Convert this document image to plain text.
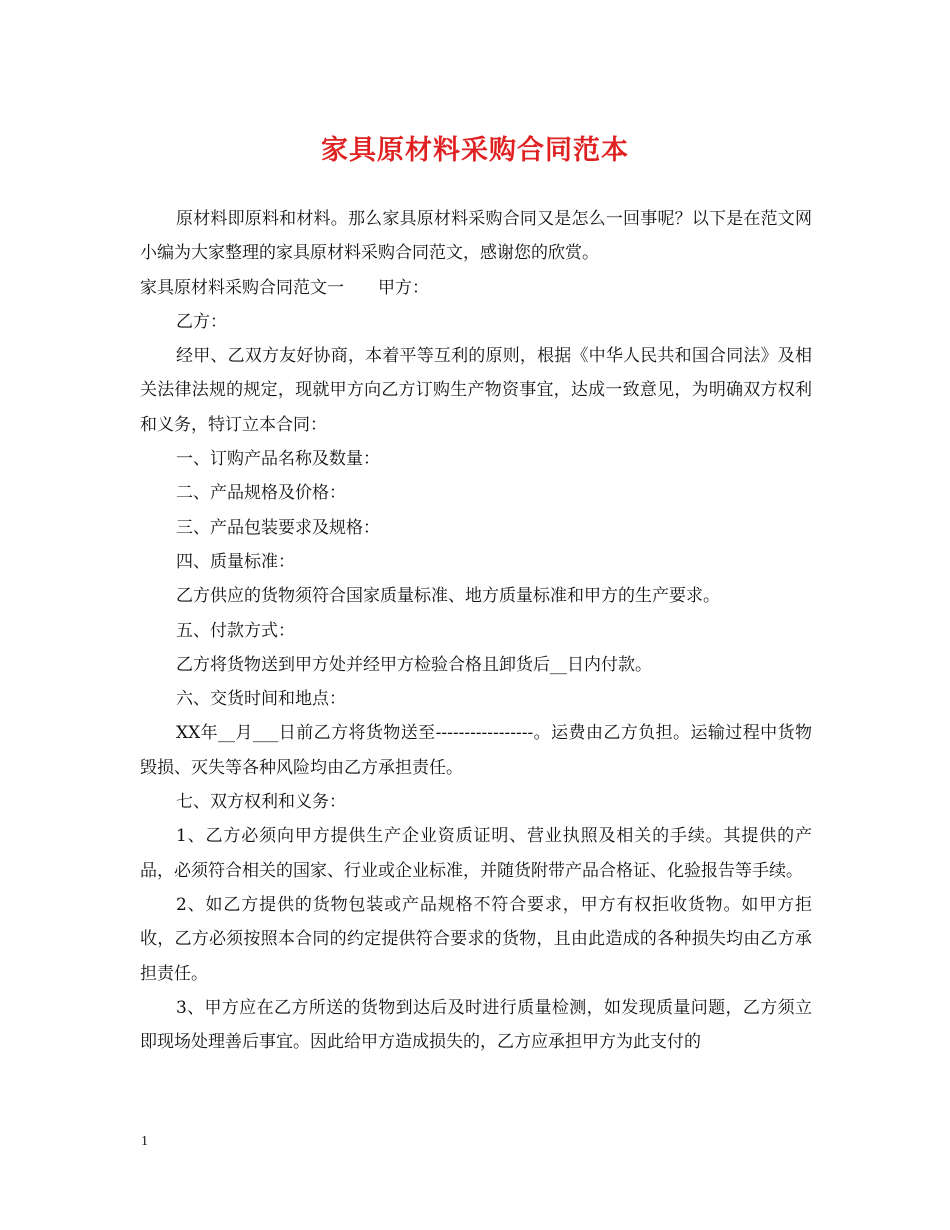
家具原材料采购合同范本

原材料即原料和材料。那么家具原材料采购合同又是怎么一回事呢？以下是在范文网小编为大家整理的家具原材料采购合同范文，感谢您的欣赏。

家具原材料采购合同范文一　　甲方：

乙方：

经甲、乙双方友好协商，本着平等互利的原则，根据《中华人民共和国合同法》及相关法律法规的规定，现就甲方向乙方订购生产物资事宜，达成一致意见，为明确双方权利和义务，特订立本合同：

一、订购产品名称及数量：

二、产品规格及价格：

三、产品包装要求及规格：

四、质量标准：

乙方供应的货物须符合国家质量标准、地方质量标准和甲方的生产要求。

五、付款方式：

乙方将货物送到甲方处并经甲方检验合格且卸货后__日内付款。

六、交货时间和地点：

XX年__月___日前乙方将货物送至-----------------。运费由乙方负担。运输过程中货物毁损、灭失等各种风险均由乙方承担责任。

七、双方权利和义务：

1、乙方必须向甲方提供生产企业资质证明、营业执照及相关的手续。其提供的产品，必须符合相关的国家、行业或企业标准，并随货附带产品合格证、化验报告等手续。

2、如乙方提供的货物包装或产品规格不符合要求，甲方有权拒收货物。如甲方拒收，乙方必须按照本合同的约定提供符合要求的货物，且由此造成的各种损失均由乙方承担责任。

3、甲方应在乙方所送的货物到达后及时进行质量检测，如发现质量问题，乙方须立即现场处理善后事宜。因此给甲方造成损失的，乙方应承担甲方为此支付的

1
